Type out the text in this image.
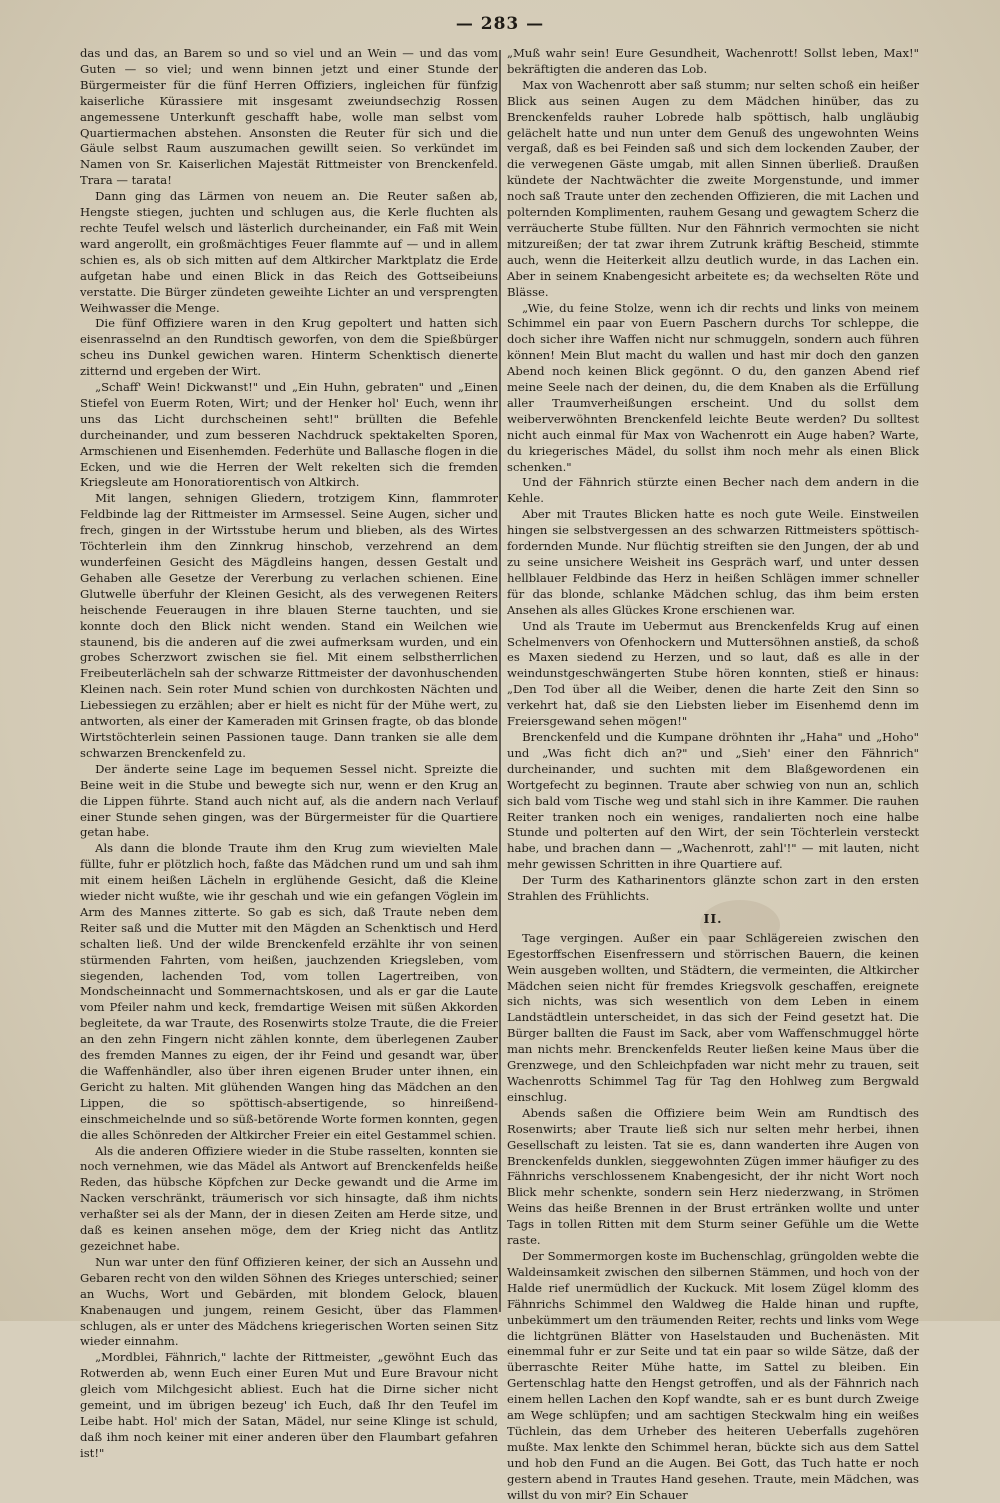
— 283 —

das und das, an Barem so und so viel und an Wein — und das vom Guten — so viel; und wenn binnen jetzt und einer Stunde der Bürgermeister für die fünf Herren Offiziers, ingleichen für fünfzig kaiserliche Kürassiere mit insgesamt zweiundsechzig Rossen angemessene Unterkunft geschafft habe, wolle man selbst vom Quartiermachen abstehen. Ansonsten die Reuter für sich und die Gäule selbst Raum auszumachen gewillt seien. So verkündet im Namen von Sr. Kaiserlichen Majestät Rittmeister von Brenckenfeld. Trara — tarata!

Dann ging das Lärmen von neuem an. Die Reuter saßen ab, Hengste stiegen, juchten und schlugen aus, die Kerle fluchten als rechte Teufel welsch und lästerlich durcheinander, ein Faß mit Wein ward angerollt, ein großmächtiges Feuer flammte auf — und in allem schien es, als ob sich mitten auf dem Altkircher Marktplatz die Erde aufgetan habe und einen Blick in das Reich des Gottseibeiuns verstatte. Die Bürger zündeten geweihte Lichter an und versprengten Weihwasser die Menge.

Die fünf Offiziere waren in den Krug gepoltert und hatten sich eisenrasselnd an den Rundtisch geworfen, von dem die Spießbürger scheu ins Dunkel gewichen waren. Hinterm Schenktisch dienerte zitternd und ergeben der Wirt.

„Schaff' Wein! Dickwanst!" und „Ein Huhn, gebraten" und „Einen Stiefel von Euerm Roten, Wirt; und der Henker hol' Euch, wenn ihr uns das Licht durchscheinen seht!" brüllten die Befehle durcheinander, und zum besseren Nachdruck spektakelten Sporen, Armschienen und Eisenhemden. Federhüte und Ballasche flogen in die Ecken, und wie die Herren der Welt rekelten sich die fremden Kriegsleute am Honoratiorentisch von Altkirch.

Mit langen, sehnigen Gliedern, trotzigem Kinn, flammroter Feldbinde lag der Rittmeister im Armsessel. Seine Augen, sicher und frech, gingen in der Wirtsstube herum und blieben, als des Wirtes Töchterlein ihm den Zinnkrug hinschob, verzehrend an dem wunderfeinen Gesicht des Mägdleins hangen, dessen Gestalt und Gehaben alle Gesetze der Vererbung zu verlachen schienen. Eine Glutwelle überfuhr der Kleinen Gesicht, als des verwegenen Reiters heischende Feueraugen in ihre blauen Sterne tauchten, und sie konnte doch den Blick nicht wenden. Stand ein Weilchen wie staunend, bis die anderen auf die zwei aufmerksam wurden, und ein grobes Scherzwort zwischen sie fiel. Mit einem selbstherrlichen Freibeuterlächeln sah der schwarze Rittmeister der davonhuschenden Kleinen nach. Sein roter Mund schien von durchkosten Nächten und Liebessiegen zu erzählen; aber er hielt es nicht für der Mühe wert, zu antworten, als einer der Kameraden mit Grinsen fragte, ob das blonde Wirtstöchterlein seinen Passionen tauge. Dann tranken sie alle dem schwarzen Brenckenfeld zu.

Der änderte seine Lage im bequemen Sessel nicht. Spreizte die Beine weit in die Stube und bewegte sich nur, wenn er den Krug an die Lippen führte. Stand auch nicht auf, als die andern nach Verlauf einer Stunde sehen gingen, was der Bürgermeister für die Quartiere getan habe.

Als dann die blonde Traute ihm den Krug zum wievielten Male füllte, fuhr er plötzlich hoch, faßte das Mädchen rund um und sah ihm mit einem heißen Lächeln in erglühende Gesicht, daß die Kleine wieder nicht wußte, wie ihr geschah und wie ein gefangen Vöglein im Arm des Mannes zitterte. So gab es sich, daß Traute neben dem Reiter saß und die Mutter mit den Mägden an Schenktisch und Herd schalten ließ. Und der wilde Brenckenfeld erzählte ihr von seinen stürmenden Fahrten, vom heißen, jauchzenden Kriegsleben, vom siegenden, lachenden Tod, vom tollen Lagertreiben, von Mondscheinnacht und Sommernachtskosen, und als er gar die Laute vom Pfeiler nahm und keck, fremdartige Weisen mit süßen Akkorden begleitete, da war Traute, des Rosenwirts stolze Traute, die die Freier an den zehn Fingern nicht zählen konnte, dem überlegenen Zauber des fremden Mannes zu eigen, der ihr Feind und gesandt war, über die Waffenhändler, also über ihren eigenen Bruder unter ihnen, ein Gericht zu halten. Mit glühenden Wangen hing das Mädchen an den Lippen, die so spöttisch-absertigende, so hinreißend-einschmeichelnde und so süß-betörende Worte formen konnten, gegen die alles Schönreden der Altkircher Freier ein eitel Gestammel schien.

Als die anderen Offiziere wieder in die Stube rasselten, konnten sie noch vernehmen, wie das Mädel als Antwort auf Brenckenfelds heiße Reden, das hübsche Köpfchen zur Decke gewandt und die Arme im Nacken verschränkt, träumerisch vor sich hinsagte, daß ihm nichts verhaßter sei als der Mann, der in diesen Zeiten am Herde sitze, und daß es keinen ansehen möge, dem der Krieg nicht das Antlitz gezeichnet habe.

Nun war unter den fünf Offizieren keiner, der sich an Aussehn und Gebaren recht von den wilden Söhnen des Krieges unterschied; seiner an Wuchs, Wort und Gebärden, mit blondem Gelock, blauen Knabenaugen und jungem, reinem Gesicht, über das Flammen schlugen, als er unter des Mädchens kriegerischen Worten seinen Sitz wieder einnahm.

„Mordblei, Fähnrich," lachte der Rittmeister, „gewöhnt Euch das Rotwerden ab, wenn Euch einer Euren Mut und Eure Bravour nicht gleich vom Milchgesicht abliest. Euch hat die Dirne sicher nicht gemeint, und im übrigen bezeug' ich Euch, daß Ihr den Teufel im Leibe habt. Hol' mich der Satan, Mädel, nur seine Klinge ist schuld, daß ihm noch keiner mit einer anderen über den Flaumbart gefahren ist!"

„Muß wahr sein! Eure Gesundheit, Wachenrott! Sollst leben, Max!" bekräftigten die anderen das Lob.

Max von Wachenrott aber saß stumm; nur selten schoß ein heißer Blick aus seinen Augen zu dem Mädchen hinüber, das zu Brenckenfelds rauher Lobrede halb spöttisch, halb ungläubig gelächelt hatte und nun unter dem Genuß des ungewohnten Weins vergaß, daß es bei Feinden saß und sich dem lockenden Zauber, der die verwegenen Gäste umgab, mit allen Sinnen überließ. Draußen kündete der Nachtwächter die zweite Morgenstunde, und immer noch saß Traute unter den zechenden Offizieren, die mit Lachen und polternden Komplimenten, rauhem Gesang und gewagtem Scherz die verräucherte Stube füllten. Nur den Fähnrich vermochten sie nicht mitzureißen; der tat zwar ihrem Zutrunk kräftig Bescheid, stimmte auch, wenn die Heiterkeit allzu deutlich wurde, in das Lachen ein. Aber in seinem Knabengesicht arbeitete es; da wechselten Röte und Blässe.

„Wie, du feine Stolze, wenn ich dir rechts und links von meinem Schimmel ein paar von Euern Paschern durchs Tor schleppe, die doch sicher ihre Waffen nicht nur schmuggeln, sondern auch führen können! Mein Blut macht du wallen und hast mir doch den ganzen Abend noch keinen Blick gegönnt. O du, den ganzen Abend rief meine Seele nach der deinen, du, die dem Knaben als die Erfüllung aller Traumverheißungen erscheint. Und du sollst dem weiberverwöhnten Brenckenfeld leichte Beute werden? Du solltest nicht auch einmal für Max von Wachenrott ein Auge haben? Warte, du kriegerisches Mädel, du sollst ihm noch mehr als einen Blick schenken."

Und der Fähnrich stürzte einen Becher nach dem andern in die Kehle.

Aber mit Trautes Blicken hatte es noch gute Weile. Einstweilen hingen sie selbstvergessen an des schwarzen Rittmeisters spöttisch-fordernden Munde. Nur flüchtig streiften sie den Jungen, der ab und zu seine unsichere Weisheit ins Gespräch warf, und unter dessen hellblauer Feldbinde das Herz in heißen Schlägen immer schneller für das blonde, schlanke Mädchen schlug, das ihm beim ersten Ansehen als alles Glückes Krone erschienen war.

Und als Traute im Uebermut aus Brenckenfelds Krug auf einen Schelmenvers von Ofenhockern und Muttersöhnen anstieß, da schoß es Maxen siedend zu Herzen, und so laut, daß es alle in der weindunstgeschwängerten Stube hören konnten, stieß er hinaus: „Den Tod über all die Weiber, denen die harte Zeit den Sinn so verkehrt hat, daß sie den Liebsten lieber im Eisenhemd denn im Freiersgewand sehen mögen!"

Brenckenfeld und die Kumpane dröhnten ihr „Haha" und „Hoho" und „Was ficht dich an?" und „Sieh' einer den Fähnrich" durcheinander, und suchten mit dem Blaßgewordenen ein Wortgefecht zu beginnen. Traute aber schwieg von nun an, schlich sich bald vom Tische weg und stahl sich in ihre Kammer. Die rauhen Reiter tranken noch ein weniges, randalierten noch eine halbe Stunde und polterten auf den Wirt, der sein Töchterlein versteckt habe, und brachen dann — „Wachenrott, zahl'!" — mit lauten, nicht mehr gewissen Schritten in ihre Quartiere auf.

Der Turm des Katharinentors glänzte schon zart in den ersten Strahlen des Frühlichts.

II.

Tage vergingen. Außer ein paar Schlägereien zwischen den Egestorffschen Eisenfressern und störrischen Bauern, die keinen Wein ausgeben wollten, und Städtern, die vermeinten, die Altkircher Mädchen seien nicht für fremdes Kriegsvolk geschaffen, ereignete sich nichts, was sich wesentlich von dem Leben in einem Landstädtlein unterscheidet, in das sich der Feind gesetzt hat. Die Bürger ballten die Faust im Sack, aber vom Waffenschmuggel hörte man nichts mehr. Brenckenfelds Reuter ließen keine Maus über die Grenzwege, und den Schleichpfaden war nicht mehr zu trauen, seit Wachenrotts Schimmel Tag für Tag den Hohlweg zum Bergwald einschlug.

Abends saßen die Offiziere beim Wein am Rundtisch des Rosenwirts; aber Traute ließ sich nur selten mehr herbei, ihnen Gesellschaft zu leisten. Tat sie es, dann wanderten ihre Augen von Brenckenfelds dunklen, sieggewohnten Zügen immer häufiger zu des Fähnrichs verschlossenem Knabengesicht, der ihr nicht Wort noch Blick mehr schenkte, sondern sein Herz niederzwang, in Strömen Weins das heiße Brennen in der Brust ertränken wollte und unter Tags in tollen Ritten mit dem Sturm seiner Gefühle um die Wette raste.

Der Sommermorgen koste im Buchenschlag, grüngolden webte die Waldeinsamkeit zwischen den silbernen Stämmen, und hoch von der Halde rief unermüdlich der Kuckuck. Mit losem Zügel klomm des Fähnrichs Schimmel den Waldweg die Halde hinan und rupfte, unbekümmert um den träumenden Reiter, rechts und links vom Wege die lichtgrünen Blätter von Haselstauden und Buchenästen. Mit einemmal fuhr er zur Seite und tat ein paar so wilde Sätze, daß der überraschte Reiter Mühe hatte, im Sattel zu bleiben. Ein Gertenschlag hatte den Hengst getroffen, und als der Fähnrich nach einem hellen Lachen den Kopf wandte, sah er es bunt durch Zweige am Wege schlüpfen; und am sachtigen Steckwalm hing ein weißes Tüchlein, das dem Urheber des heiteren Ueberfalls zugehören mußte. Max lenkte den Schimmel heran, bückte sich aus dem Sattel und hob den Fund an die Augen. Bei Gott, das Tuch hatte er noch gestern abend in Trautes Hand gesehen. Traute, mein Mädchen, was willst du von mir? Ein Schauer
